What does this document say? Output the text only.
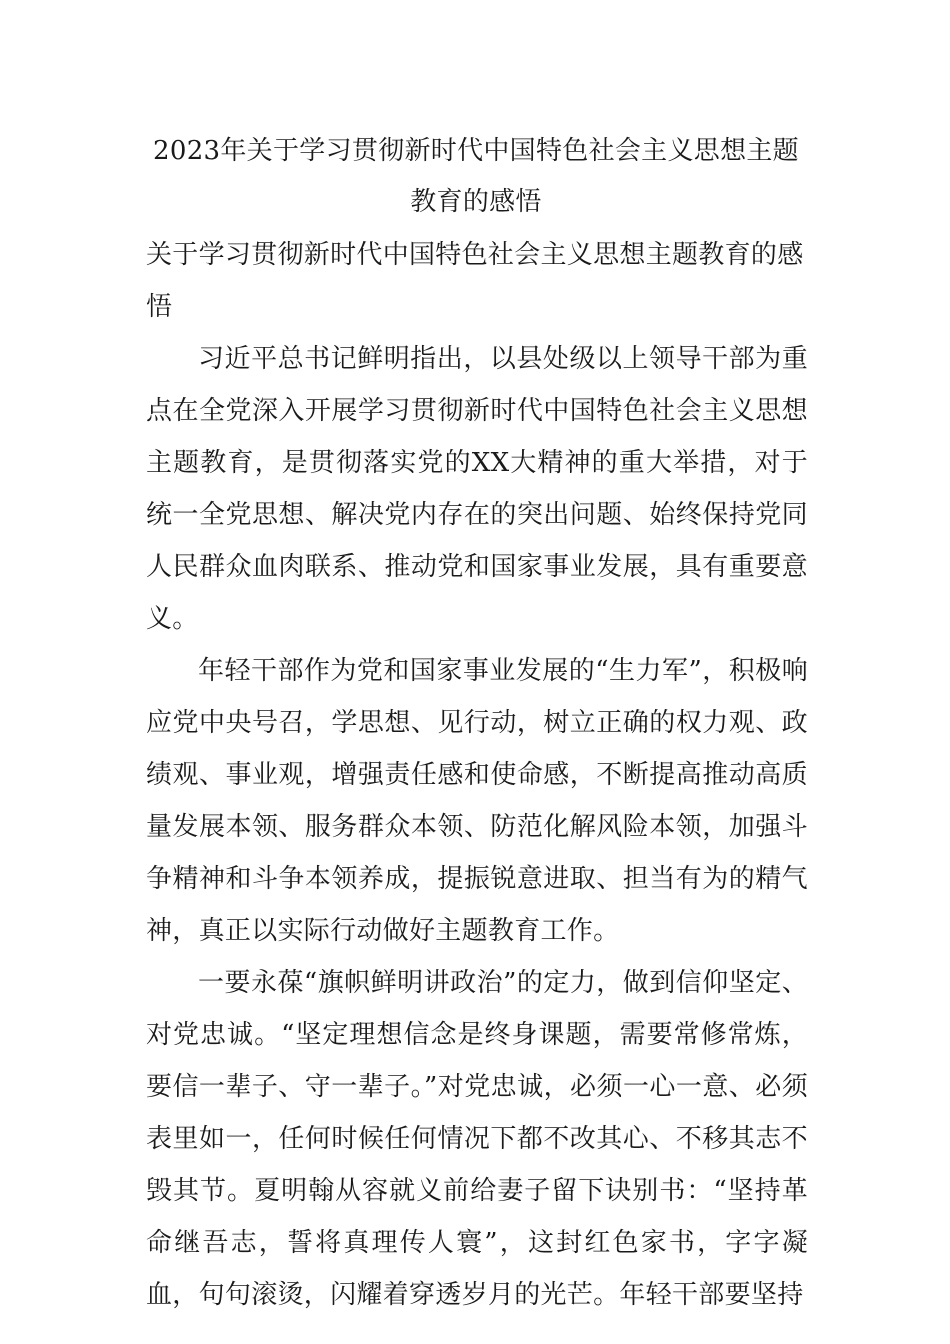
2023年关于学习贯彻新时代中国特色社会主义思想主题教育的感悟

关于学习贯彻新时代中国特色社会主义思想主题教育的感悟

习近平总书记鲜明指出，以县处级以上领导干部为重点在全党深入开展学习贯彻新时代中国特色社会主义思想主题教育，是贯彻落实党的XX大精神的重大举措，对于统一全党思想、解决党内存在的突出问题、始终保持党同人民群众血肉联系、推动党和国家事业发展，具有重要意义。

年轻干部作为党和国家事业发展的“生力军”，积极响应党中央号召，学思想、见行动，树立正确的权力观、政绩观、事业观，增强责任感和使命感，不断提高推动高质量发展本领、服务群众本领、防范化解风险本领，加强斗争精神和斗争本领养成，提振锐意进取、担当有为的精气神，真正以实际行动做好主题教育工作。

一要永葆“旗帜鲜明讲政治”的定力，做到信仰坚定、对党忠诚。“坚定理想信念是终身课题，需要常修常炼，要信一辈子、守一辈子。”对党忠诚，必须一心一意、必须表里如一，任何时候任何情况下都不改其心、不移其志不毁其节。夏明翰从容就义前给妻子留下诀别书：“坚持革命继吾志，誓将真理传人寰”，这封红色家书，字字凝血，句句滚烫，闪耀着穿透岁月的光芒。年轻干部要坚持
